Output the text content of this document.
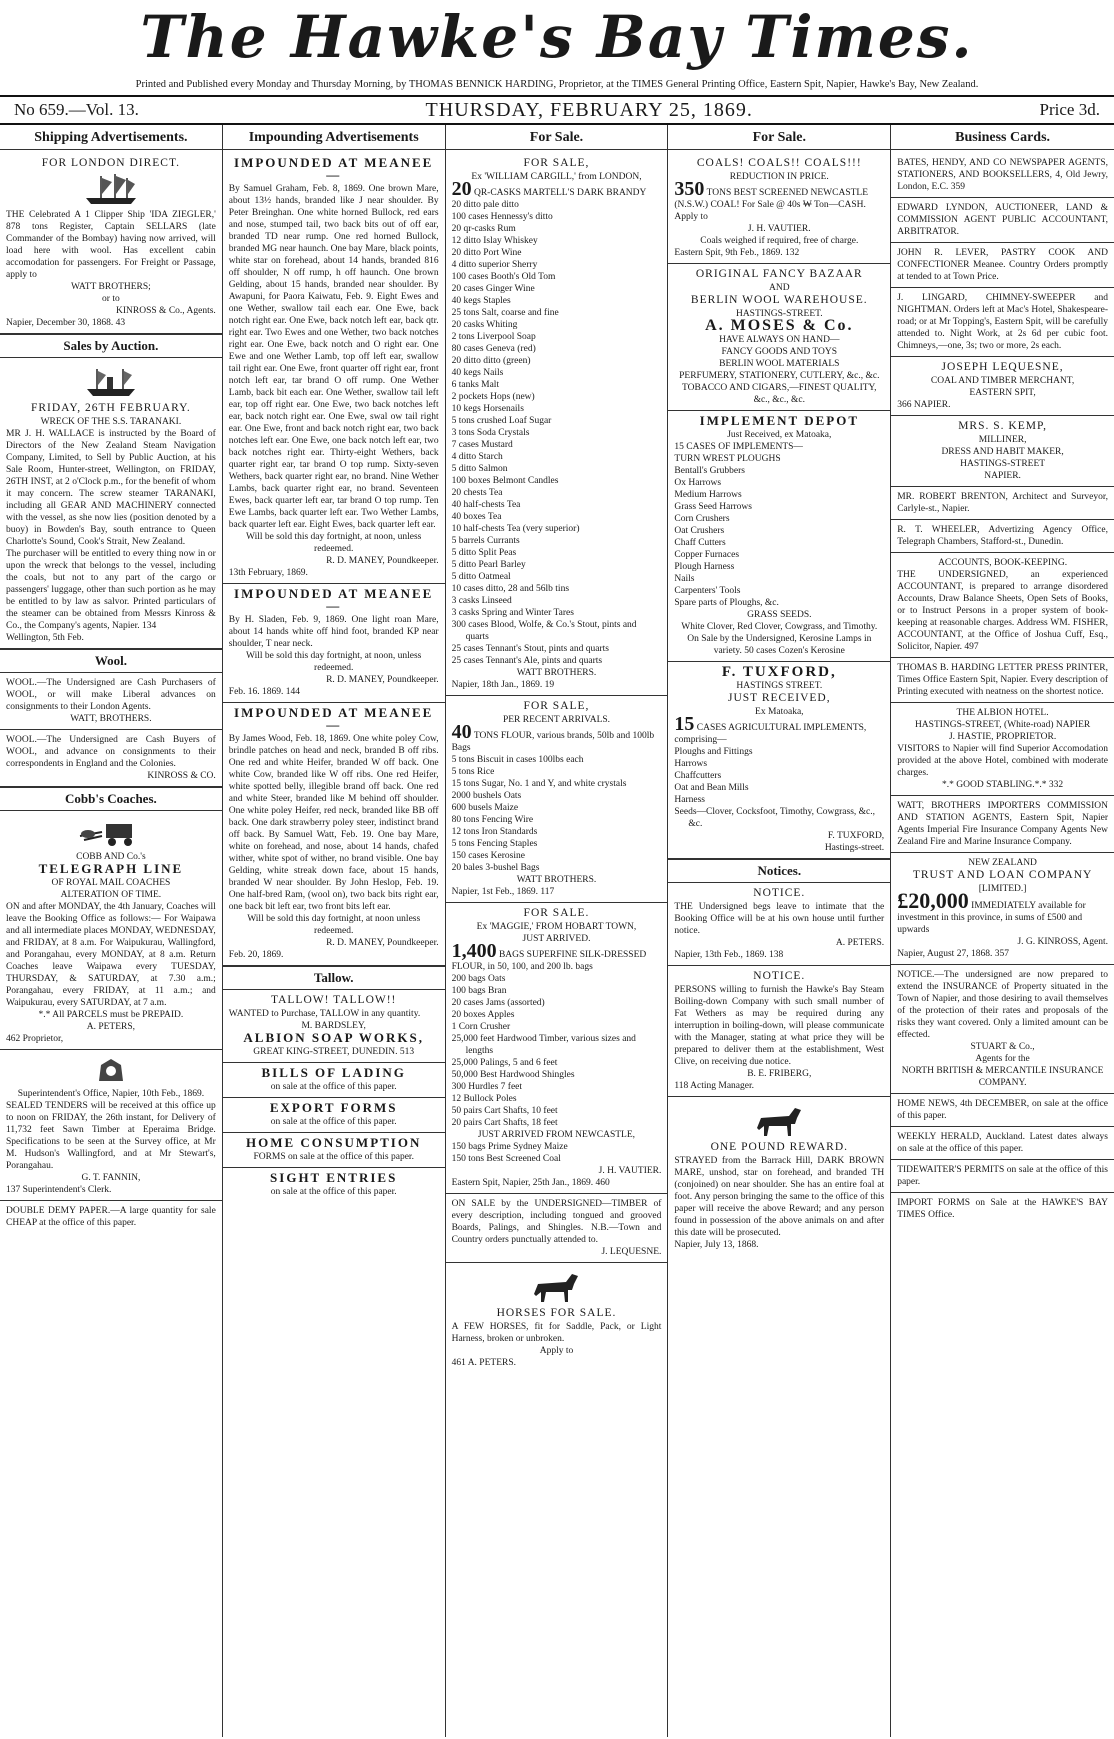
The Hawke's Bay Times.
Printed and Published every Monday and Thursday Morning, by THOMAS BENNICK HARDING, Proprietor, at the TIMES General Printing Office, Eastern Spit, Napier, Hawke's Bay, New Zealand.
No 659.—Vol. 13.	THURSDAY, FEBRUARY 25, 1869.	Price 3d.
Shipping Advertisements.
FOR LONDON DIRECT.

THE Celebrated A 1 Clipper Ship 'IDA ZIEGLER,' 878 tons Register, Captain SELLARS (late Commander of the Bombay) having now arrived, will load here with wool. Has excellent cabin accomodation for passengers. For Freight or Passage, apply to

WATT BROTHERS;
or to
KINROSS & Co., Agents.
Napier, December 30, 1868. 43
Sales by Auction.
FRIDAY, 26TH FEBRUARY.
WRECK OF THE S.S. TARANAKI.

MR J. H. WALLACE is instructed by the Board of Directors of the New Zealand Steam Navigation Company, Limited, to Sell by Public Auction, at his Sale Room, Hunter-street, Wellington, on FRIDAY, 26TH INST, at 2 o'Clock p.m., for the benefit of whom it may concern. The screw steamer TARANAKI, including all GEAR AND MACHINERY connected with the vessel, as she now lies (position denoted by a buoy) in Bowden's Bay, south entrance to Queen Charlotte's Sound, Cook's Strait, New Zealand.

The purchaser will be entitled to every thing now in or upon the wreck that belongs to the vessel, including the coals, but not to any part of the cargo or passengers' luggage, other than such portion as he may be entitled to by law as salvor. Printed particulars of the steamer can be obtained from Messrs Kinross & Co., the Company's agents, Napier. 134

Wellington, 5th Feb.
Wool.

WOOL.—The Undersigned are Cash Purchasers of WOOL, or will make Liberal advances on consignments to their London Agents.

WATT, BROTHERS.

WOOL.—The Undersigned are Cash Buyers of WOOL, and advance on consignments to their correspondents in England and the Colonies.

KINROSS & CO.
Cobb's Coaches.
COBB AND Co.'s
TELEGRAPH LINE
OF ROYAL MAIL COACHES
ALTERATION OF TIME.

ON and after MONDAY, the 4th January, Coaches will leave the Booking Office as follows:— For Waipawa and all intermediate places MONDAY, WEDNESDAY, and FRIDAY, at 8 a.m. For Waipukurau, Wallingford, and Porangahau, every MONDAY, at 8 a.m. Return Coaches leave Waipawa every TUESDAY, THURSDAY, & SATURDAY, at 7.30 a.m.; Porangahau, every FRIDAY, at 11 a.m.; and Waipukurau, every SATURDAY, at 7 a.m.

*.* All PARCELS must be PREPAID.
A. PETERS,
462 Proprietor,
Superintendent's Office, Napier, 10th Feb., 1869.

SEALED TENDERS will be received at this office up to noon on FRIDAY, the 26th instant, for Delivery of 11,732 feet Sawn Timber at Eperaima Bridge. Specifications to be seen at the Survey office, at Mr M. Hudson's Wallingford, and at Mr Stewart's, Porangahau.

G. T. FANNIN,
137 Superintendent's Clerk.

DOUBLE DEMY PAPER.—A large quantity for sale CHEAP at the office of this paper.

Impounding Advertisements
IMPOUNDED AT MEANEE—

By Samuel Graham, Feb. 8, 1869. One brown Mare, about 13½ hands, branded like J near shoulder. By Peter Breinghan. One white horned Bullock, red ears and nose, stumped tail, two back bits out of off ear, branded TD near rump. One red horned Bullock, branded MG near haunch. One bay Mare, black points, white star on forehead, about 14 hands, branded 816 off shoulder, N off rump, h off haunch. One brown Gelding, about 15 hands, branded near shoulder. By Awapuni, for Paora Kaiwatu, Feb. 9. Eight Ewes and one Wether, swallow tail each ear. One Ewe, back notch right ear. One Ewe, back notch left ear, back qtr. right ear. Two Ewes and one Wether, two back notches right ear. One Ewe, back notch and O right ear. One Ewe and one Wether Lamb, top off left ear, swallow tail right ear. One Ewe, front quarter off right ear, front notch left ear, tar brand O off rump. One Wether Lamb, back bit each ear. One Wether, swallow tail left ear, top off right ear. One Ewe, two back notches left ear, back notch right ear. One Ewe, swal ow tail right ear. One Ewe, front and back notch right ear, two back notches left ear. One Ewe, one back notch left ear, two back notches right ear. Thirty-eight Wethers, back quarter right ear, tar brand O top rump. Sixty-seven Wethers, back quarter right ear, no brand. Nine Wether Lambs, back quarter right ear, no brand. Seventeen Ewes, back quarter left ear, tar brand O top rump. Ten Ewe Lambs, back quarter left ear. Two Wether Lambs, back quarter left ear. Eight Ewes, back quarter left ear.

Will be sold this day fortnight, at noon, unless redeemed.
R. D. MANEY, Poundkeeper.
13th February, 1869.
IMPOUNDED AT MEANEE—

By H. Sladen, Feb. 9, 1869. One light roan Mare, about 14 hands white off hind foot, branded KP near shoulder, T near neck.

Will be sold this day fortnight, at noon, unless redeemed.
R. D. MANEY, Poundkeeper.
Feb. 16. 1869. 144
IMPOUNDED AT MEANEE—

By James Wood, Feb. 18, 1869. One white poley Cow, brindle patches on head and neck, branded B off ribs. One red and white Heifer, branded W off back. One white Cow, branded like W off ribs. One red Heifer, white spotted belly, illegible brand off back. One red and white Steer, branded like M behind off shoulder. One white poley Heifer, red neck, branded like BB off back. One dark strawberry poley steer, indistinct brand off back. By Samuel Watt, Feb. 19. One bay Mare, white on forehead, and nose, about 14 hands, chafed wither, white spot of wither, no brand visible. One bay Gelding, white streak down face, about 15 hands, branded W near shoulder. By John Heslop, Feb. 19. One half-bred Ram, (wool on), two back bits right ear, one back bit left ear, two front bits left ear.

Will be sold this day fortnight, at noon unless redeemed.
R. D. MANEY, Poundkeeper.
Feb. 20, 1869.
Tallow.
TALLOW! TALLOW!!

WANTED to Purchase, TALLOW in any quantity.

M. BARDSLEY,
ALBION SOAP WORKS,
GREAT KING-STREET, DUNEDIN. 513
BILLS OF LADING
on sale at the office of this paper.
EXPORT FORMS
on sale at the office of this paper.
HOME CONSUMPTION
FORMS on sale at the office of this paper.
SIGHT ENTRIES
on sale at the office of this paper.
For Sale.
FOR SALE,
Ex 'WILLIAM CARGILL,' from LONDON,
20 QR-CASKS MARTELL'S DARK BRANDY
20 ditto pale ditto
100 cases Hennessy's ditto
20 qr-casks Rum
12 ditto Islay Whiskey
20 ditto Port Wine
4 ditto superior Sherry
100 cases Booth's Old Tom
20 cases Ginger Wine
40 kegs Staples
25 tons Salt, coarse and fine
20 casks Whiting
2 tons Liverpool Soap
80 cases Geneva (red)
20 ditto ditto (green)
40 kegs Nails
6 tanks Malt
2 pockets Hops (new)
10 kegs Horsenails
5 tons crushed Loaf Sugar
3 tons Soda Crystals
7 cases Mustard
4 ditto Starch
5 ditto Salmon
100 boxes Belmont Candles
20 chests Tea
40 half-chests Tea
40 boxes Tea
10 half-chests Tea (very superior)
5 barrels Currants
5 ditto Split Peas
5 ditto Pearl Barley
5 ditto Oatmeal
10 cases ditto, 28 and 56lb tins
3 casks Linseed
3 casks Spring and Winter Tares
300 cases Blood, Wolfe, & Co.'s Stout, pints and quarts
25 cases Tennant's Stout, pints and quarts
25 cases Tennant's Ale, pints and quarts
WATT BROTHERS.
Napier, 18th Jan., 1869. 19
FOR SALE,
PER RECENT ARRIVALS.
40 TONS FLOUR, various brands, 50lb and 100lb Bags
5 tons Biscuit in cases 100lbs each
5 tons Rice
15 tons Sugar, No. 1 and Y, and white crystals
2000 bushels Oats
600 busels Maize
80 tons Fencing Wire
12 tons Iron Standards
5 tons Fencing Staples
150 cases Kerosine
20 bales 3-bushel Bags
WATT BROTHERS.
Napier, 1st Feb., 1869. 117
FOR SALE.
Ex 'MAGGIE,' FROM HOBART TOWN,
JUST ARRIVED.
1,400 BAGS SUPERFINE SILK-DRESSED FLOUR, in 50, 100, and 200 lb. bags
200 bags Oats
100 bags Bran
20 cases Jams (assorted)
20 boxes Apples
1 Corn Crusher
25,000 feet Hardwood Timber, various sizes and lengths
25,000 Palings, 5 and 6 feet
50,000 Best Hardwood Shingles
300 Hurdles 7 feet
12 Bullock Poles
50 pairs Cart Shafts, 10 feet
20 pairs Cart Shafts, 18 feet
JUST ARRIVED FROM NEWCASTLE,
150 bags Prime Sydney Maize
150 tons Best Screened Coal
J. H. VAUTIER.
Eastern Spit, Napier, 25th Jan., 1869. 460

ON SALE by the UNDERSIGNED—TIMBER of every description, including tongued and grooved Boards, Palings, and Shingles. N.B.—Town and Country orders punctually attended to.

J. LEQUESNE.
HORSES FOR SALE.

A FEW HORSES, fit for Saddle, Pack, or Light Harness, broken or unbroken.

Apply to
461 A. PETERS.
For Sale.
COALS! COALS!! COALS!!!
REDUCTION IN PRICE.
350 TONS BEST SCREENED NEWCASTLE (N.S.W.) COAL! For Sale @ 40s ₩ Ton—CASH. Apply to
J. H. VAUTIER.
Coals weighed if required, free of charge.
Eastern Spit, 9th Feb., 1869. 132
ORIGINAL FANCY BAZAAR
AND
BERLIN WOOL WAREHOUSE.
HASTINGS-STREET.
A. MOSES & Co.
HAVE ALWAYS ON HAND—
FANCY GOODS AND TOYS
BERLIN WOOL MATERIALS
PERFUMERY, STATIONERY, CUTLERY, &c., &c.
TOBACCO AND CIGARS,—FINEST QUALITY,
&c., &c., &c.
IMPLEMENT DEPOT
Just Received, ex Matoaka,
15 CASES OF IMPLEMENTS—
TURN WREST PLOUGHS
Bentall's Grubbers
Ox Harrows
Medium Harrows
Grass Seed Harrows
Corn Crushers
Oat Crushers
Chaff Cutters
Copper Furnaces
Plough Harness
Nails
Carpenters' Tools
Spare parts of Ploughs, &c.
GRASS SEEDS.
White Clover, Red Clover, Cowgrass, and Timothy.
On Sale by the Undersigned, Kerosine Lamps in variety. 50 cases Cozen's Kerosine
F. TUXFORD,
HASTINGS STREET.
JUST RECEIVED,
Ex Matoaka,
15 CASES AGRICULTURAL IMPLEMENTS, comprising—
Ploughs and Fittings
Harrows
Chaffcutters
Oat and Bean Mills
Harness
Seeds—Clover, Cocksfoot, Timothy, Cowgrass, &c., &c.
F. TUXFORD,
Hastings-street.
Notices.
NOTICE.

THE Undersigned begs leave to intimate that the Booking Office will be at his own house until further notice.

A. PETERS.
Napier, 13th Feb., 1869. 138
NOTICE.

PERSONS willing to furnish the Hawke's Bay Steam Boiling-down Company with such small number of Fat Wethers as may be required during any interruption in boiling-down, will please communicate with the Manager, stating at what price they will be prepared to deliver them at the establishment, West Clive, on receiving due notice.

B. E. FRIBERG,
118 Acting Manager.
ONE POUND REWARD.

STRAYED from the Barrack Hill, DARK BROWN MARE, unshod, star on forehead, and branded TH (conjoined) on near shoulder. She has an entire foal at foot. Any person bringing the same to the office of this paper will receive the above Reward; and any person found in possession of the above animals on and after this date will be prosecuted.

Napier, July 13, 1868.
Business Cards.

BATES, HENDY, AND CO NEWSPAPER AGENTS, STATIONERS, AND BOOKSELLERS, 4, Old Jewry, London, E.C. 359

EDWARD LYNDON, AUCTIONEER, LAND & COMMISSION AGENT PUBLIC ACCOUNTANT, ARBITRATOR.

JOHN R. LEVER, PASTRY COOK AND CONFECTIONER Meanee. Country Orders promptly at tended to at Town Price.

J. LINGARD, CHIMNEY-SWEEPER and NIGHTMAN. Orders left at Mac's Hotel, Shakespeare-road; or at Mr Topping's, Eastern Spit, will be carefully attended to. Night Work, at 2s 6d per cubic foot. Chimneys,—one, 3s; two or more, 2s each.

JOSEPH LEQUESNE,
COAL AND TIMBER MERCHANT,
EASTERN SPIT,
366 NAPIER.
MRS. S. KEMP,
MILLINER,
DRESS AND HABIT MAKER,
HASTINGS-STREET
NAPIER.

MR. ROBERT BRENTON, Architect and Surveyor, Carlyle-st., Napier.

R. T. WHEELER, Advertizing Agency Office, Telegraph Chambers, Stafford-st., Dunedin.

ACCOUNTS, BOOK-KEEPING.

THE UNDERSIGNED, an experienced ACCOUNTANT, is prepared to arrange disordered Accounts, Draw Balance Sheets, Open Sets of Books, or to Instruct Persons in a proper system of book-keeping at reasonable charges. Address WM. FISHER, ACCOUNTANT, at the Office of Joshua Cuff, Esq., Solicitor, Napier. 497

THOMAS B. HARDING LETTER PRESS PRINTER, Times Office Eastern Spit, Napier. Every description of Printing executed with neatness on the shortest notice.

THE ALBION HOTEL.
HASTINGS-STREET, (White-road) NAPIER
J. HASTIE, PROPRIETOR.

VISITORS to Napier will find Superior Accomodation provided at the above Hotel, combined with moderate charges.

*.* GOOD STABLING.*.* 332

WATT, BROTHERS IMPORTERS COMMISSION AND STATION AGENTS, Eastern Spit, Napier Agents Imperial Fire Insurance Company Agents New Zealand Fire and Marine Insurance Company.

NEW ZEALAND
TRUST AND LOAN COMPANY
[LIMITED.]
£20,000 IMMEDIATELY available for investment in this province, in sums of £500 and upwards
J. G. KINROSS, Agent.
Napier, August 27, 1868. 357

NOTICE.—The undersigned are now prepared to extend the INSURANCE of Property situated in the Town of Napier, and those desiring to avail themselves of the protection of their rates and proposals of the risks they want covered. Only a limited amount can be effected.

STUART & Co.,
Agents for the
NORTH BRITISH & MERCANTILE INSURANCE COMPANY.

HOME NEWS, 4th DECEMBER, on sale at the office of this paper.

WEEKLY HERALD, Auckland. Latest dates always on sale at the office of this paper.

TIDEWAITER'S PERMITS on sale at the office of this paper.

IMPORT FORMS on Sale at the HAWKE'S BAY TIMES Office.
